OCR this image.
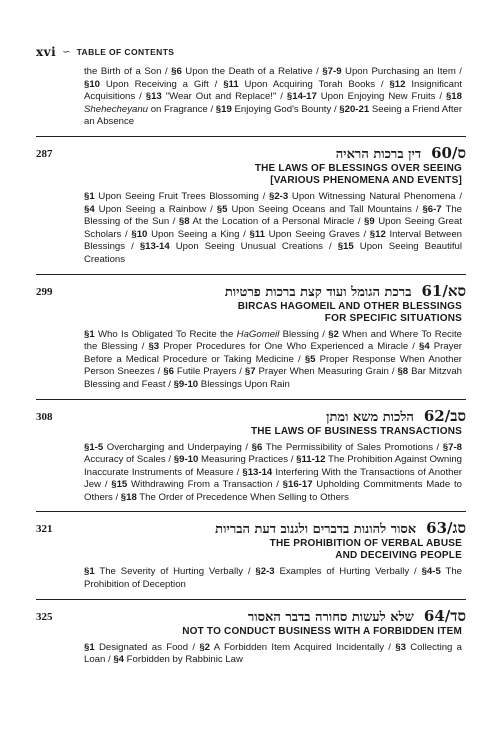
xvi ∽ TABLE OF CONTENTS
the Birth of a Son / §6 Upon the Death of a Relative / §7-9 Upon Purchasing an Item / §10 Upon Receiving a Gift / §11 Upon Acquiring Torah Books / §12 Insignificant Acquisitions / §13 "Wear Out and Replace!" / §14-17 Upon Enjoying New Fruits / §18 Shehecheyanu on Fragrance / §19 Enjoying God's Bounty / §20-21 Seeing a Friend After an Absence
287	דין ברכות הראיה 60/ס
THE LAWS OF BLESSINGS OVER SEEING
[VARIOUS PHENOMENA AND EVENTS]
§1 Upon Seeing Fruit Trees Blossoming / §2-3 Upon Witnessing Natural Phenomena / §4 Upon Seeing a Rainbow / §5 Upon Seeing Oceans and Tall Mountains / §6-7 The Blessing of the Sun / §8 At the Location of a Personal Miracle / §9 Upon Seeing Great Scholars / §10 Upon Seeing a King / §11 Upon Seeing Graves / §12 Interval Between Blessings / §13-14 Upon Seeing Unusual Creations / §15 Upon Seeing Beautiful Creations
299	ברכת הגומל ועוד קצת ברכות פרטיות 61/סא
BIRCAS HAGOMEIL AND OTHER BLESSINGS
FOR SPECIFIC SITUATIONS
§1 Who Is Obligated To Recite the HaGomeil Blessing / §2 When and Where To Recite the Blessing / §3 Proper Procedures for One Who Experienced a Miracle / §4 Prayer Before a Medical Procedure or Taking Medicine / §5 Proper Response When Another Person Sneezes / §6 Futile Prayers / §7 Prayer When Measuring Grain / §8 Bar Mitzvah Blessing and Feast / §9-10 Blessings Upon Rain
308	הלכות משא ומתן 62/סב
THE LAWS OF BUSINESS TRANSACTIONS
§1-5 Overcharging and Underpaying / §6 The Permissibility of Sales Promotions / §7-8 Accuracy of Scales / §9-10 Measuring Practices / §11-12 The Prohibition Against Owning Inaccurate Instruments of Measure / §13-14 Interfering With the Transactions of Another Jew / §15 Withdrawing From a Transaction / §16-17 Upholding Commitments Made to Others / §18 The Order of Precedence When Selling to Others
321	אסור להונות בדברים ולגנוב דעת הבריות 63/סג
THE PROHIBITION OF VERBAL ABUSE
AND DECEIVING PEOPLE
§1 The Severity of Hurting Verbally / §2-3 Examples of Hurting Verbally / §4-5 The Prohibition of Deception
325	שלא לעשות סחורה בדבר האסור 64/סד
NOT TO CONDUCT BUSINESS WITH A FORBIDDEN ITEM
§1 Designated as Food / §2 A Forbidden Item Acquired Incidentally / §3 Collecting a Loan / §4 Forbidden by Rabbinic Law
